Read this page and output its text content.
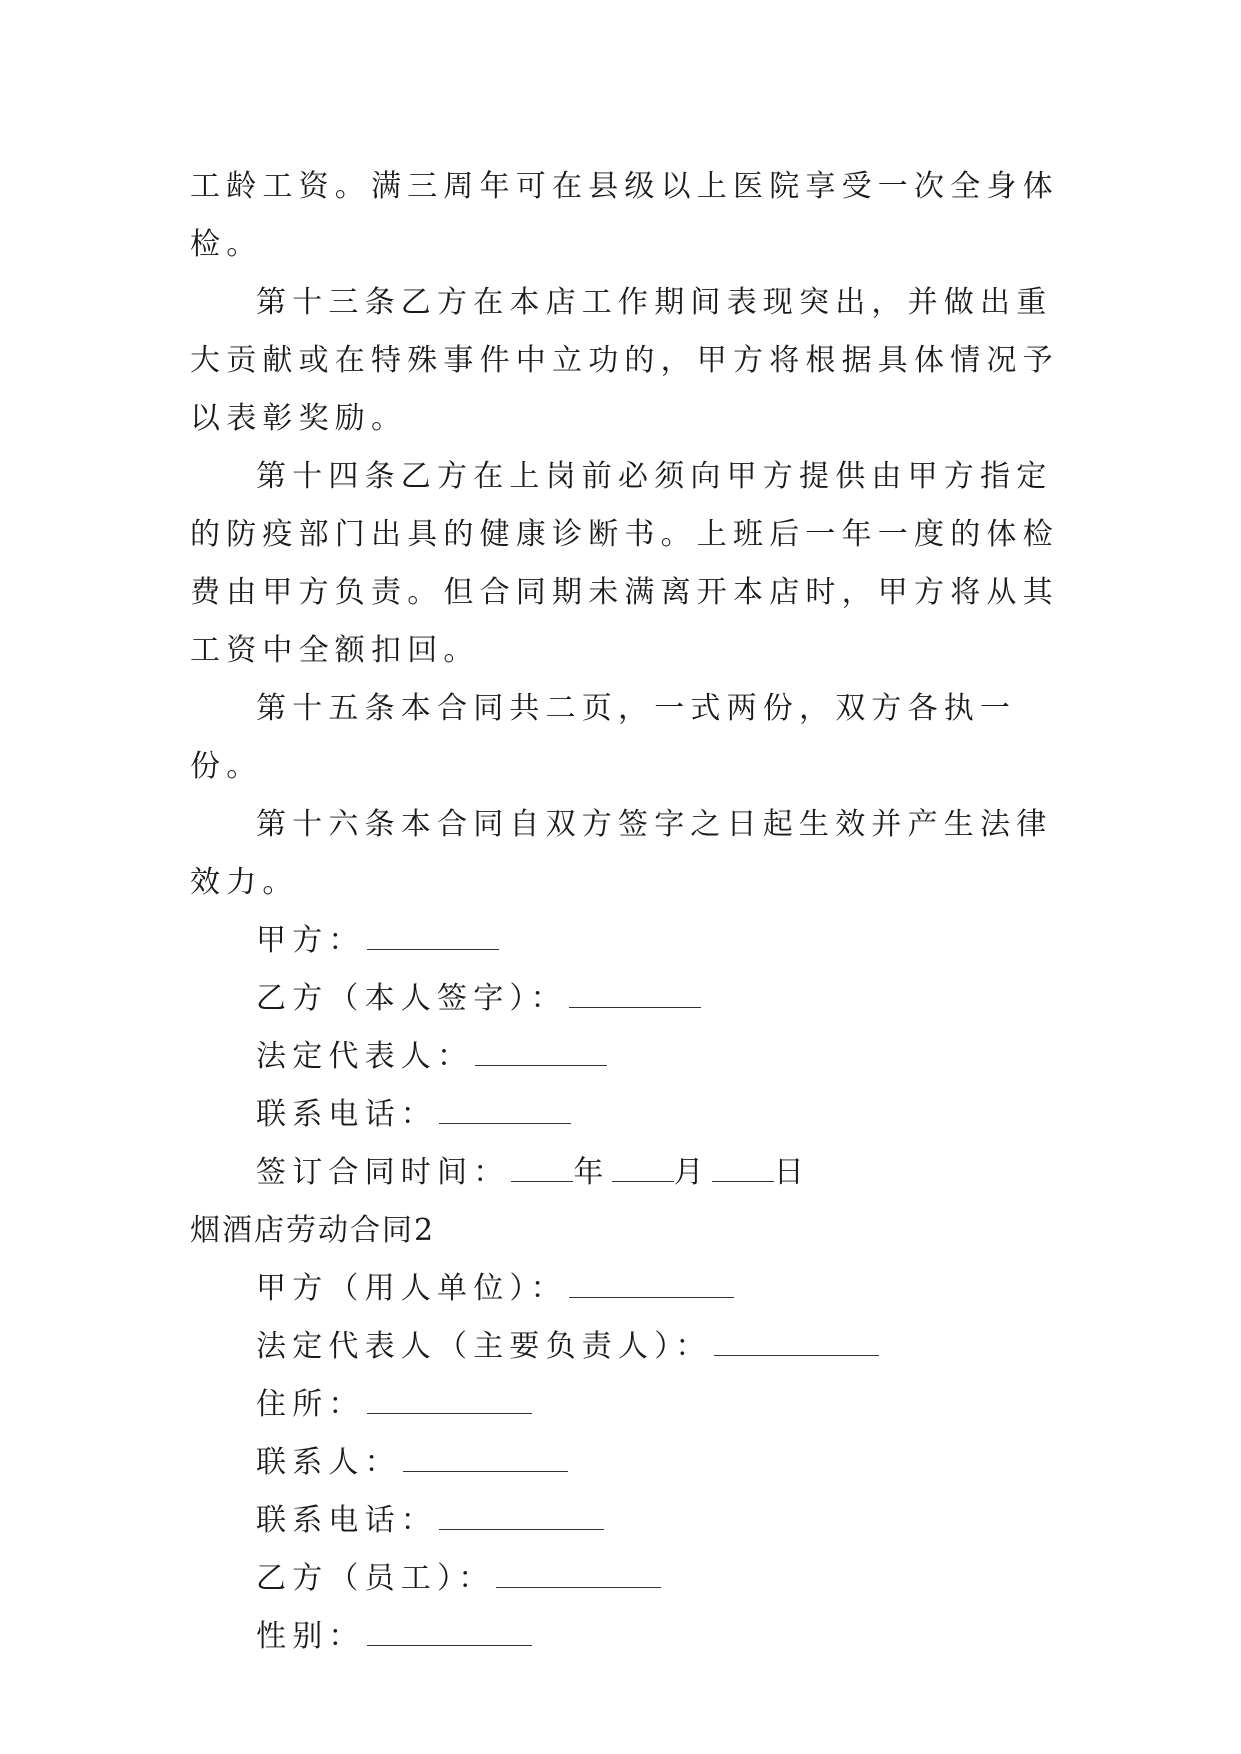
工龄工资。满三周年可在县级以上医院享受一次全身体检。

第十三条乙方在本店工作期间表现突出，并做出重大贡献或在特殊事件中立功的，甲方将根据具体情况予以表彰奖励。

第十四条乙方在上岗前必须向甲方提供由甲方指定的防疫部门出具的健康诊断书。上班后一年一度的体检费由甲方负责。但合同期未满离开本店时，甲方将从其工资中全额扣回。

第十五条本合同共二页，一式两份，双方各执一份。

第十六条本合同自双方签字之日起生效并产生法律效力。

甲方：

乙方（本人签字）：

法定代表人：

联系电话：

签订合同时间： 年 月 日

烟酒店劳动合同2

甲方（用人单位）：

法定代表人（主要负责人）：

住所：

联系人：

联系电话：

乙方（员工）：

性别：
